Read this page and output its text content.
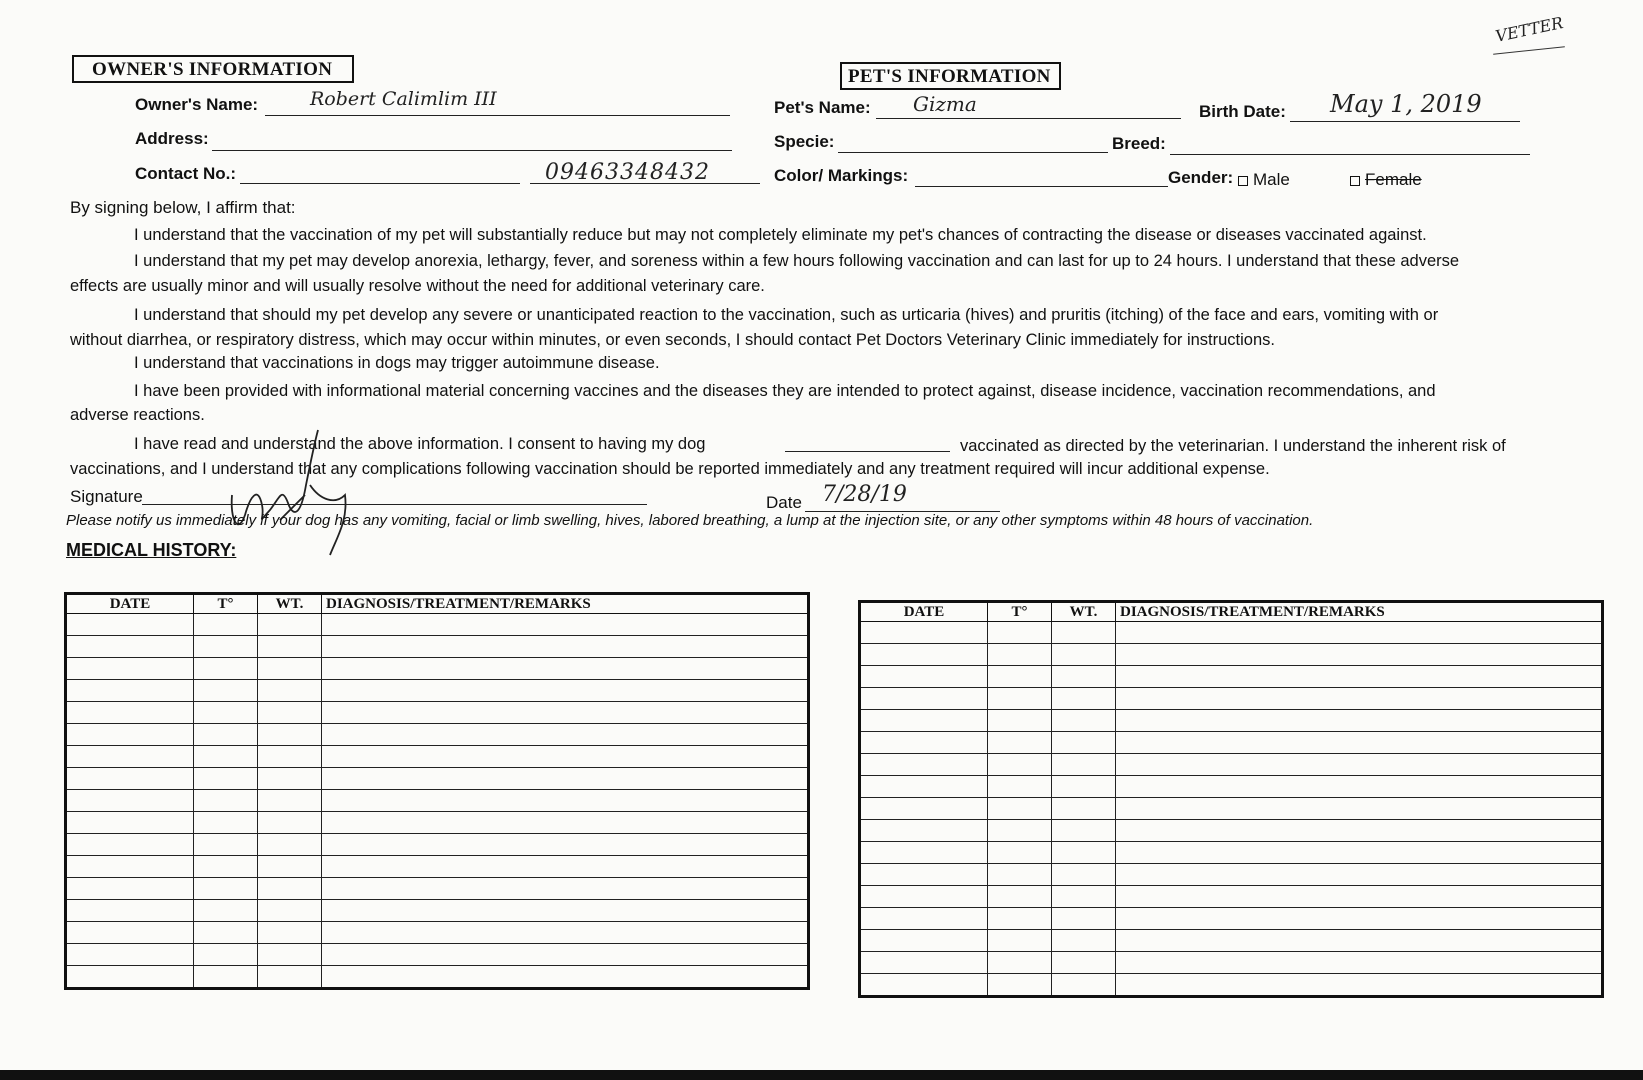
VETTER
OWNER'S INFORMATION
Owner's Name:	Robert Calimlim III
Address:
Contact No.:	09463348432
PET'S INFORMATION
Pet's Name: Gizma	Birth Date: May 1, 2019
Specie:	Breed:
Color/ Markings:	Gender:	Male	Female
By signing below, I affirm that:
I understand that the vaccination of my pet will substantially reduce but may not completely eliminate my pet's chances of contracting the disease or diseases vaccinated against.
I understand that my pet may develop anorexia, lethargy, fever, and soreness within a few hours following vaccination and can last for up to 24 hours. I understand that these adverse
effects are usually minor and will usually resolve without the need for additional veterinary care.
I understand that should my pet develop any severe or unanticipated reaction to the vaccination, such as urticaria (hives) and pruritis (itching) of the face and ears, vomiting with or
without diarrhea, or respiratory distress, which may occur within minutes, or even seconds, I should contact Pet Doctors Veterinary Clinic immediately for instructions.
I understand that vaccinations in dogs may trigger autoimmune disease.
I have been provided with informational material concerning vaccines and the diseases they are intended to protect against, disease incidence, vaccination recommendations, and
adverse reactions.
I have read and understand the above information. I consent to having my dog	vaccinated as directed by the veterinarian. I understand the inherent risk of
vaccinations, and I understand that any complications following vaccination should be reported immediately and any treatment required will incur additional expense.
Signature	Date 7/28/19
Please notify us immediately if your dog has any vomiting, facial or limb swelling, hives, labored breathing, a lump at the injection site, or any other symptoms within 48 hours of vaccination.
MEDICAL HISTORY:
DATE	T°	WT.	DIAGNOSIS/TREATMENT/REMARKS

				DATE	T°	WT.	DIAGNOSIS/TREATMENT/REMARKS
